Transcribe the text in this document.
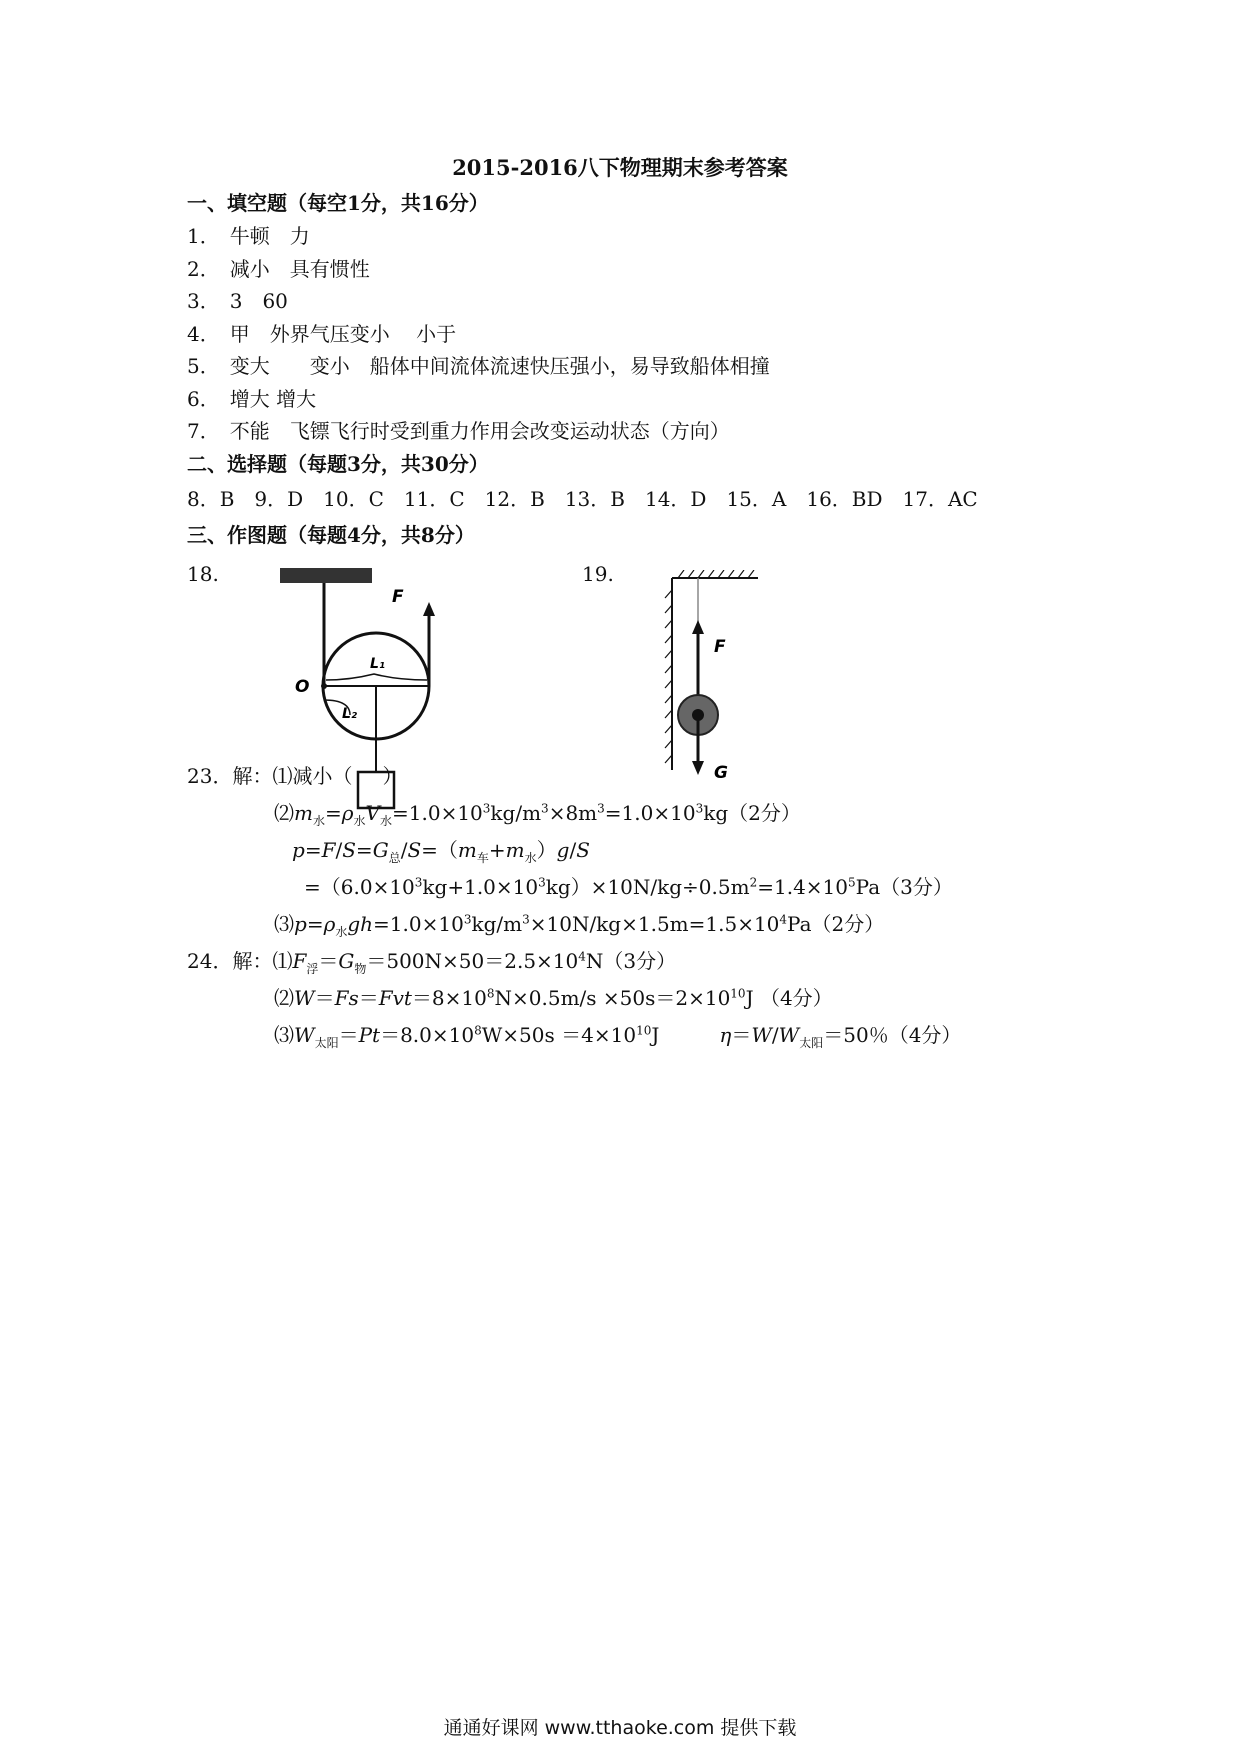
2015-2016八下物理期末参考答案
一、填空题（每空1分，共16分）
1． 牛顿　力
2． 减小　具有惯性
3． 3　60
4． 甲　外界气压变小　 小于
5． 变大　　变小　船体中间流体流速快压强小，易导致船体相撞
6． 增大 增大
7． 不能　飞镖飞行时受到重力作用会改变运动状态（方向）
二、选择题（每题3分，共30分）
8．B　9．D　10．C　11．C　12．B　13．B　14．D　15．A　16．BD　17．AC
三、作图题（每题4分，共8分）
18.	19.
F
O
L₁
L₂
F
G
23．解：⑴减小（ ）
$⑵m_水=\rho_水V_水=1.0\times 10^3kg/m^3\times 8m^3=1.0\times 10^3kg(2$分）
$p=F/S=G_总/S=(m_车+m_水)g/S$
$=(6.0\times 10^3kg+1.0\times 10^3kg)\times 10N/kg\div 0.5m^2=1.4\times 10^5Pa(3$分）
$⑶p=\rho_水gh=1.0\times 10^3kg/m^3\times 10N/kg\times 1.5m=1.5\times 10^4Pa(2$分）
24．解：$⑴F_浮=G_物=500N\times 50=2.5\times 10^4N(3$分）
$⑵W=Fs=Fvt=8\times 10^8N\times 0.5m/s \times 50s=2\times 10^{10}J$ （4分）
$⑶W_{太阳}=Pt=8.0\times 10^8W\times 50s =4\times 10^{10}J$　　　$\eta=W/W_{太阳}=50$％（4分）
通通好课网 www.tthaoke.com 提供下载
